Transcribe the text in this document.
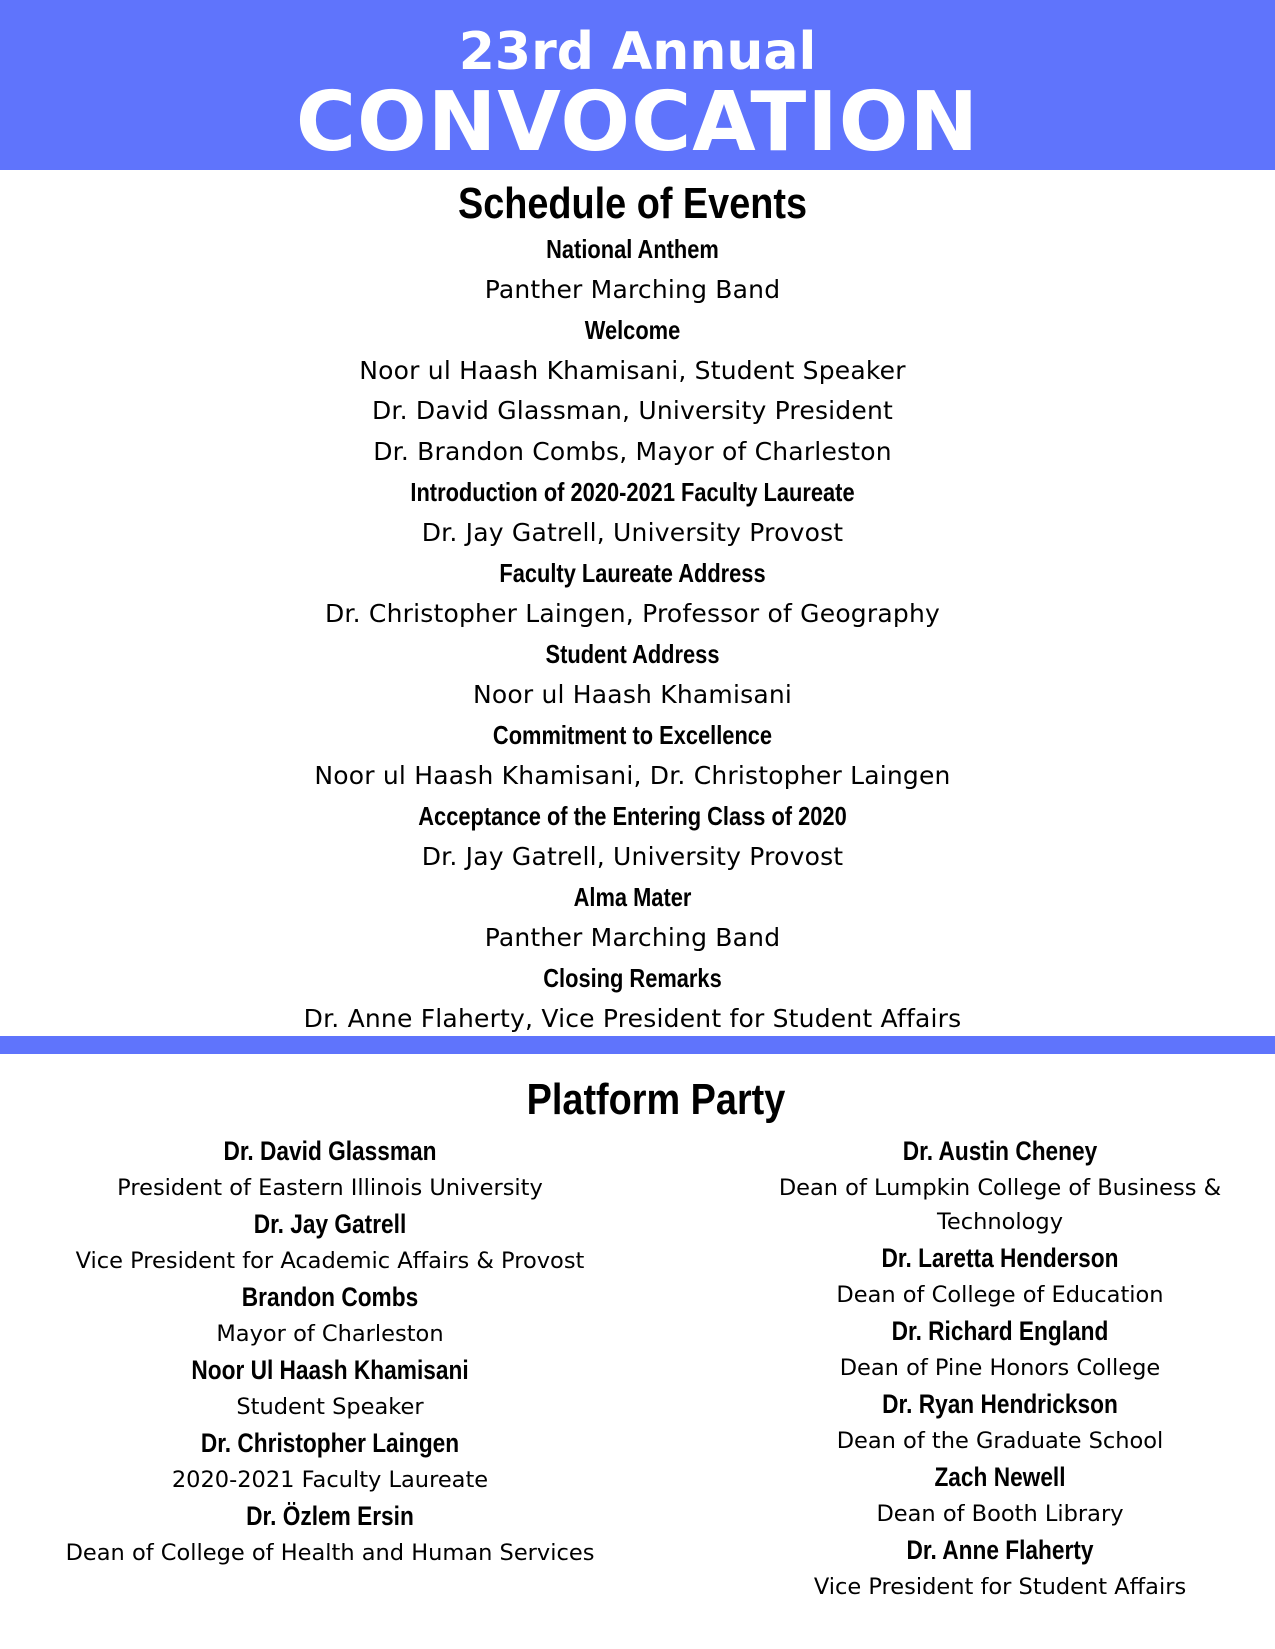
23rd Annual
CONVOCATION
Schedule of Events
National Anthem
Panther Marching Band
Welcome
Noor ul Haash Khamisani, Student Speaker
Dr. David Glassman, University President
Dr. Brandon Combs, Mayor of Charleston
Introduction of 2020-2021 Faculty Laureate
Dr. Jay Gatrell, University Provost
Faculty Laureate Address
Dr. Christopher Laingen, Professor of Geography
Student Address
Noor ul Haash Khamisani
Commitment to Excellence
Noor ul Haash Khamisani, Dr. Christopher Laingen
Acceptance of the Entering Class of 2020
Dr. Jay Gatrell, University Provost
Alma Mater
Panther Marching Band
Closing Remarks
Dr. Anne Flaherty, Vice President for Student Affairs
Platform Party
Dr. David Glassman
President of Eastern Illinois University
Dr. Jay Gatrell
Vice President for Academic Affairs & Provost
Brandon Combs
Mayor of Charleston
Noor Ul Haash Khamisani
Student Speaker
Dr. Christopher Laingen
2020-2021 Faculty Laureate
Dr. Özlem Ersin
Dean of College of Health and Human Services
Dr. Austin Cheney
Dean of Lumpkin College of Business & Technology
Dr. Laretta Henderson
Dean of College of Education
Dr. Richard England
Dean of Pine Honors College
Dr. Ryan Hendrickson
Dean of the Graduate School
Zach Newell
Dean of Booth Library
Dr. Anne Flaherty
Vice President for Student Affairs
